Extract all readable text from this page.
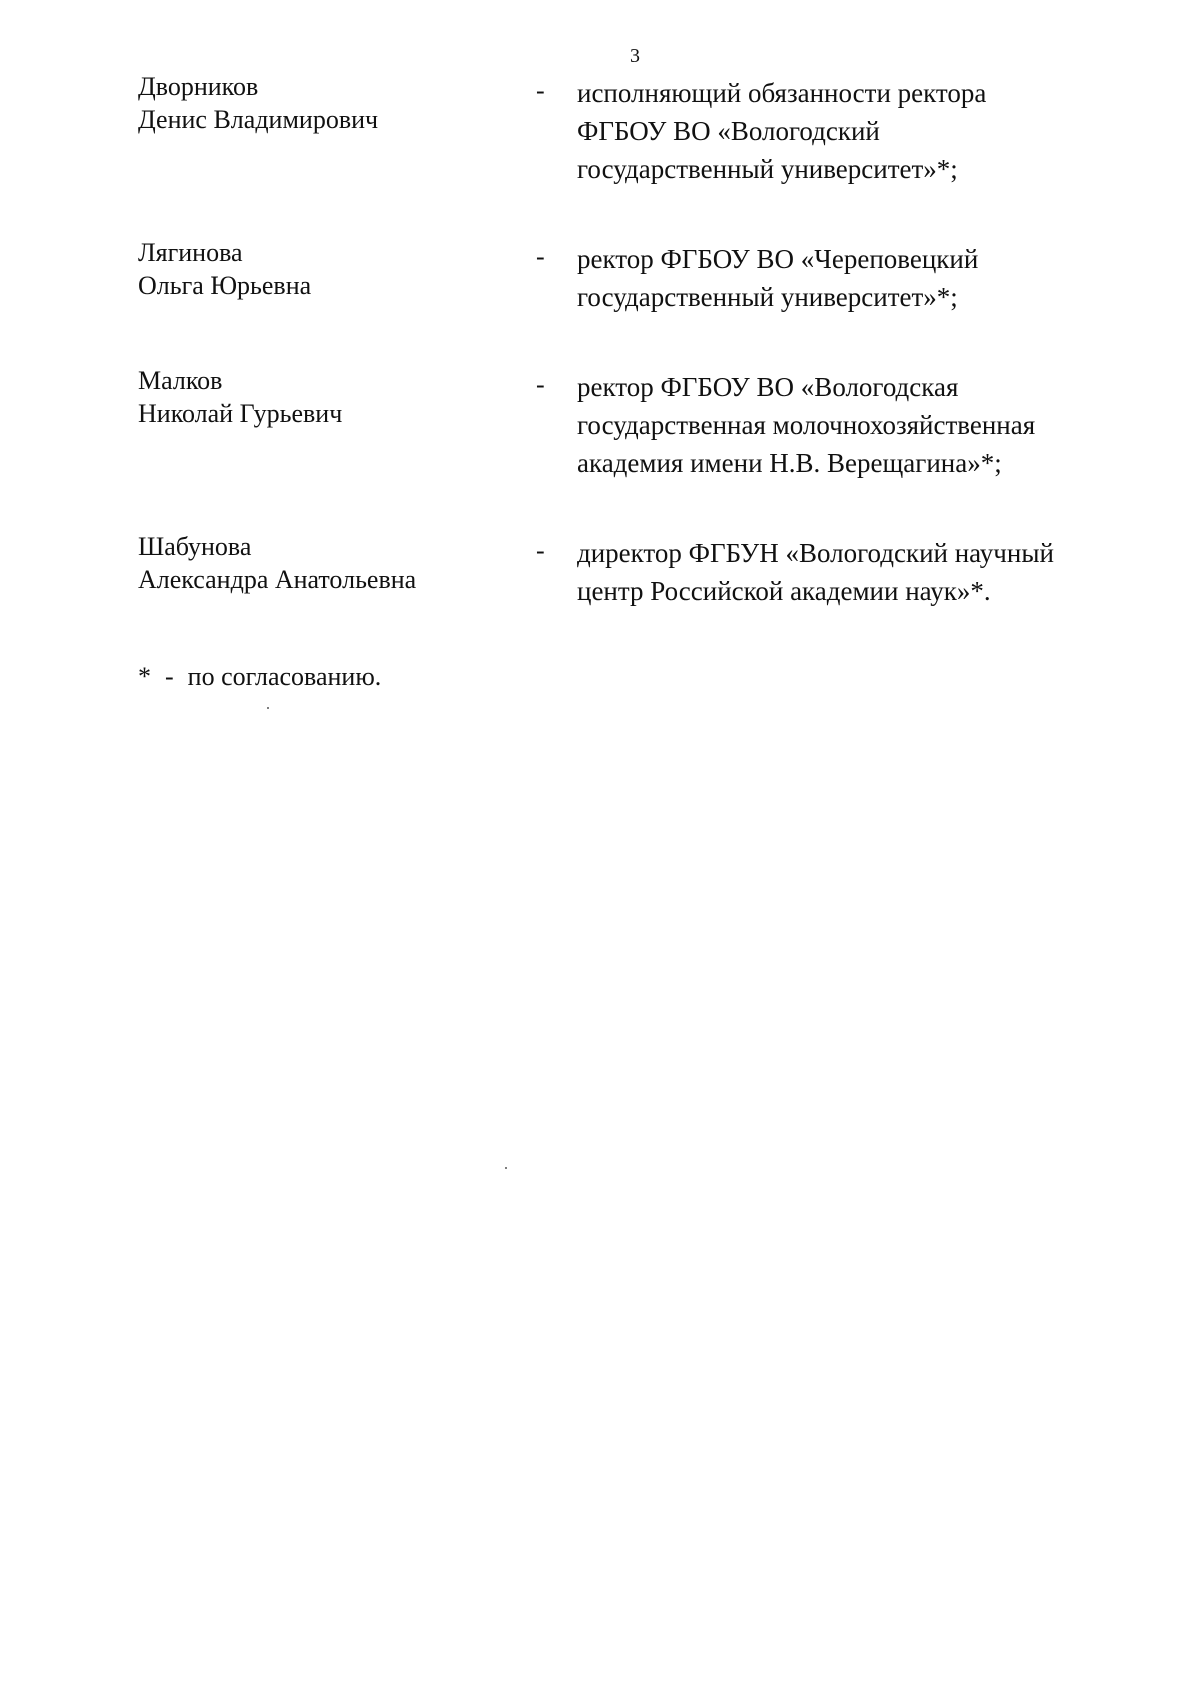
3
Дворников
Денис Владимирович
- исполняющий обязанности ректора
ФГБОУ ВО «Вологодский
государственный университет»*;
Лягинова
Ольга Юрьевна
- ректор ФГБОУ ВО «Череповецкий
государственный университет»*;
Малков
Николай Гурьевич
- ректор ФГБОУ ВО «Вологодская
государственная молочнохозяйственная
академия имени Н.В. Верещагина»*;
Шабунова
Александра Анатольевна
- директор ФГБУН «Вологодский научный
центр Российской академии наук»*.
* - по согласованию.
